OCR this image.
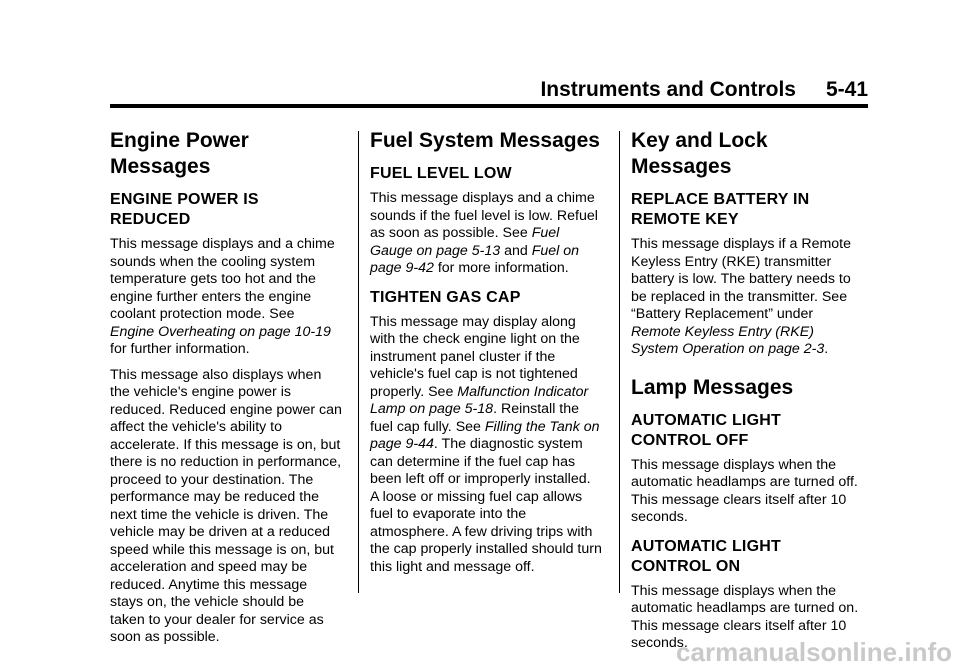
Instruments and Controls 5-41
Engine Power Messages
ENGINE POWER IS REDUCED

This message displays and a chime sounds when the cooling system temperature gets too hot and the engine further enters the engine coolant protection mode. See Engine Overheating on page 10-19 for further information.

This message also displays when the vehicle's engine power is reduced. Reduced engine power can affect the vehicle's ability to accelerate. If this message is on, but there is no reduction in performance, proceed to your destination. The performance may be reduced the next time the vehicle is driven. The vehicle may be driven at a reduced speed while this message is on, but acceleration and speed may be reduced. Anytime this message stays on, the vehicle should be taken to your dealer for service as soon as possible.

Fuel System Messages
FUEL LEVEL LOW

This message displays and a chime sounds if the fuel level is low. Refuel as soon as possible. See Fuel Gauge on page 5-13 and Fuel on page 9-42 for more information.

TIGHTEN GAS CAP

This message may display along with the check engine light on the instrument panel cluster if the vehicle's fuel cap is not tightened properly. See Malfunction Indicator Lamp on page 5-18. Reinstall the fuel cap fully. See Filling the Tank on page 9-44. The diagnostic system can determine if the fuel cap has been left off or improperly installed. A loose or missing fuel cap allows fuel to evaporate into the atmosphere. A few driving trips with the cap properly installed should turn this light and message off.

Key and Lock Messages
REPLACE BATTERY IN REMOTE KEY

This message displays if a Remote Keyless Entry (RKE) transmitter battery is low. The battery needs to be replaced in the transmitter. See “Battery Replacement” under Remote Keyless Entry (RKE) System Operation on page 2-3.

Lamp Messages
AUTOMATIC LIGHT CONTROL OFF

This message displays when the automatic headlamps are turned off. This message clears itself after 10 seconds.

AUTOMATIC LIGHT CONTROL ON

This message displays when the automatic headlamps are turned on. This message clears itself after 10 seconds.

carmanualsonline.info
